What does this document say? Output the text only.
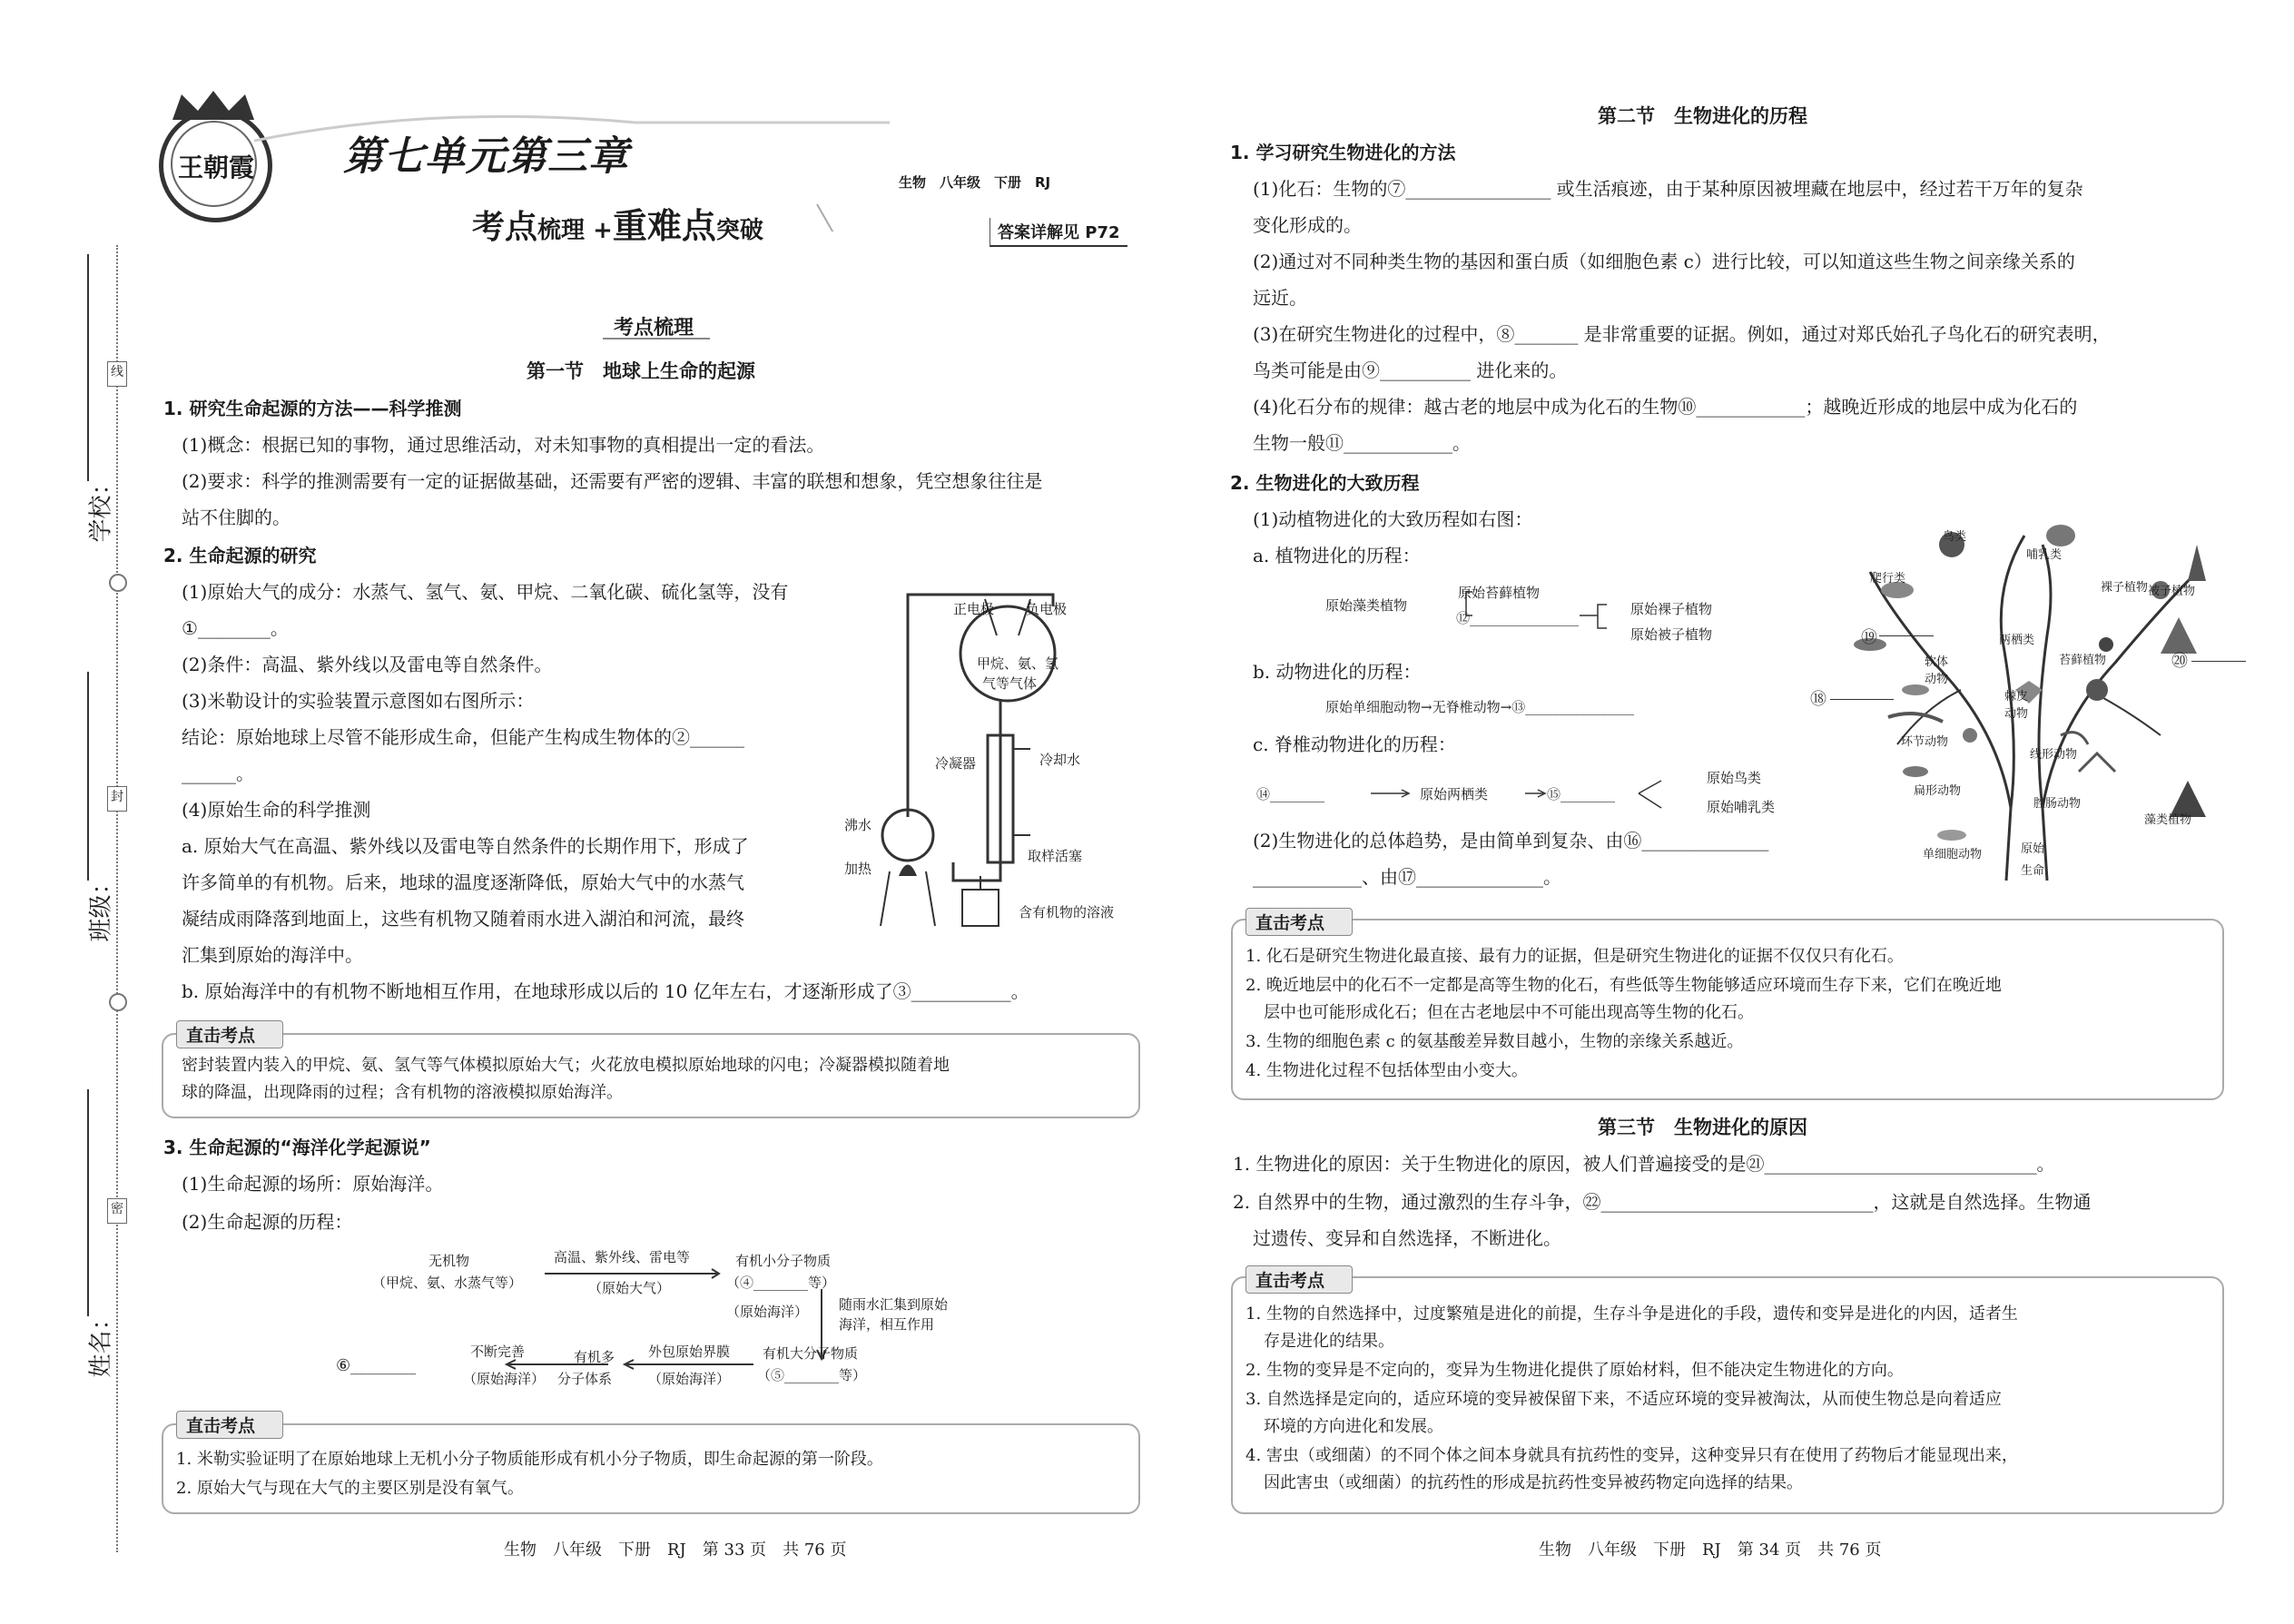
学校：
班级：
姓名：
线
封
密
王朝霞 第七单元第三章
考点梳理 +重难点突破
生物　八年级　下册　RJ
答案详解见 P72
考点梳理
第一节　地球上生命的起源
1. 研究生命起源的方法——科学推测
(1)概念：根据已知的事物，通过思维活动，对未知事物的真相提出一定的看法。
(2)要求：科学的推测需要有一定的证据做基础，还需要有严密的逻辑、丰富的联想和想象，凭空想象往往是
站不住脚的。
2. 生命起源的研究
(1)原始大气的成分：水蒸气、氢气、氨、甲烷、二氧化碳、硫化氢等，没有
①________。
(2)条件：高温、紫外线以及雷电等自然条件。
(3)米勒设计的实验装置示意图如右图所示：
结论：原始地球上尽管不能形成生命，但能产生构成生物体的②______
______。
(4)原始生命的科学推测
a. 原始大气在高温、紫外线以及雷电等自然条件的长期作用下，形成了
许多简单的有机物。后来，地球的温度逐渐降低，原始大气中的水蒸气
凝结成雨降落到地面上，这些有机物又随着雨水进入湖泊和河流，最终
汇集到原始的海洋中。
b. 原始海洋中的有机物不断地相互作用，在地球形成以后的 10 亿年左右，才逐渐形成了③___________。
正电极 负电极
甲烷、氨、氢
气等气体
冷凝器	冷却水
沸水
加热
取样活塞
含有机物的溶液
直击考点
密封装置内装入的甲烷、氨、氢气等气体模拟原始大气；火花放电模拟原始地球的闪电；冷凝器模拟随着地
球的降温，出现降雨的过程；含有机物的溶液模拟原始海洋。
3. 生命起源的“海洋化学起源说”
(1)生命起源的场所：原始海洋。
(2)生命起源的历程：
无机物
（甲烷、氨、水蒸气等）
高温、紫外线、雷电等
（原始大气）
有机小分子物质
（④________等）
（原始海洋） 随雨水汇集到原始
海洋，相互作用
有机大分子物质
（⑤________等）
外包原始界膜
（原始海洋）
有机多
分子体系
不断完善
（原始海洋）
⑥________
直击考点
1. 米勒实验证明了在原始地球上无机小分子物质能形成有机小分子物质，即生命起源的第一阶段。
2. 原始大气与现在大气的主要区别是没有氧气。
生物　八年级　下册　RJ　第 33 页　共 76 页
第二节　生物进化的历程
1. 学习研究生物进化的方法
(1)化石：生物的⑦________________ 或生活痕迹，由于某种原因被埋藏在地层中，经过若干万年的复杂
变化形成的。
(2)通过对不同种类生物的基因和蛋白质（如细胞色素 c）进行比较，可以知道这些生物之间亲缘关系的
远近。
(3)在研究生物进化的过程中，⑧_______ 是非常重要的证据。例如，通过对郑氏始孔子鸟化石的研究表明，
鸟类可能是由⑨__________ 进化来的。
(4)化石分布的规律：越古老的地层中成为化石的生物⑩____________；越晚近形成的地层中成为化石的
生物一般⑪____________。
2. 生物进化的大致历程
(1)动植物进化的大致历程如右图：
a. 植物进化的历程：
原始藻类植物
原始苔藓植物
⑫________________
原始裸子植物
原始被子植物
b. 动物进化的历程：
原始单细胞动物→无脊椎动物→⑬________________
c. 脊椎动物进化的历程：
⑭________	原始两栖类	⑮________
原始鸟类
原始哺乳类
(2)生物进化的总体趋势，是由简单到复杂、由⑯______________
____________、由⑰______________。
鸟类
哺乳类
爬行类
裸子植物 被子植物
两栖类
苔藓植物
软体动物
棘皮动物
环节动物
线形动物
扁形动物
腔肠动物
藻类植物
单细胞动物	原始
生命
⑱
⑲
⑳
直击考点
1. 化石是研究生物进化最直接、最有力的证据，但是研究生物进化的证据不仅仅只有化石。
2. 晚近地层中的化石不一定都是高等生物的化石，有些低等生物能够适应环境而生存下来，它们在晚近地
层中也可能形成化石；但在古老地层中不可能出现高等生物的化石。
3. 生物的细胞色素 c 的氨基酸差异数目越小，生物的亲缘关系越近。
4. 生物进化过程不包括体型由小变大。
第三节　生物进化的原因
1. 生物进化的原因：关于生物进化的原因，被人们普遍接受的是㉑______________________________。
2. 自然界中的生物，通过激烈的生存斗争，㉒______________________________，这就是自然选择。生物通
过遗传、变异和自然选择，不断进化。
直击考点
1. 生物的自然选择中，过度繁殖是进化的前提，生存斗争是进化的手段，遗传和变异是进化的内因，适者生
存是进化的结果。
2. 生物的变异是不定向的，变异为生物进化提供了原始材料，但不能决定生物进化的方向。
3. 自然选择是定向的，适应环境的变异被保留下来，不适应环境的变异被淘汰，从而使生物总是向着适应
环境的方向进化和发展。
4. 害虫（或细菌）的不同个体之间本身就具有抗药性的变异，这种变异只有在使用了药物后才能显现出来，
因此害虫（或细菌）的抗药性的形成是抗药性变异被药物定向选择的结果。
生物　八年级　下册　RJ　第 34 页　共 76 页
